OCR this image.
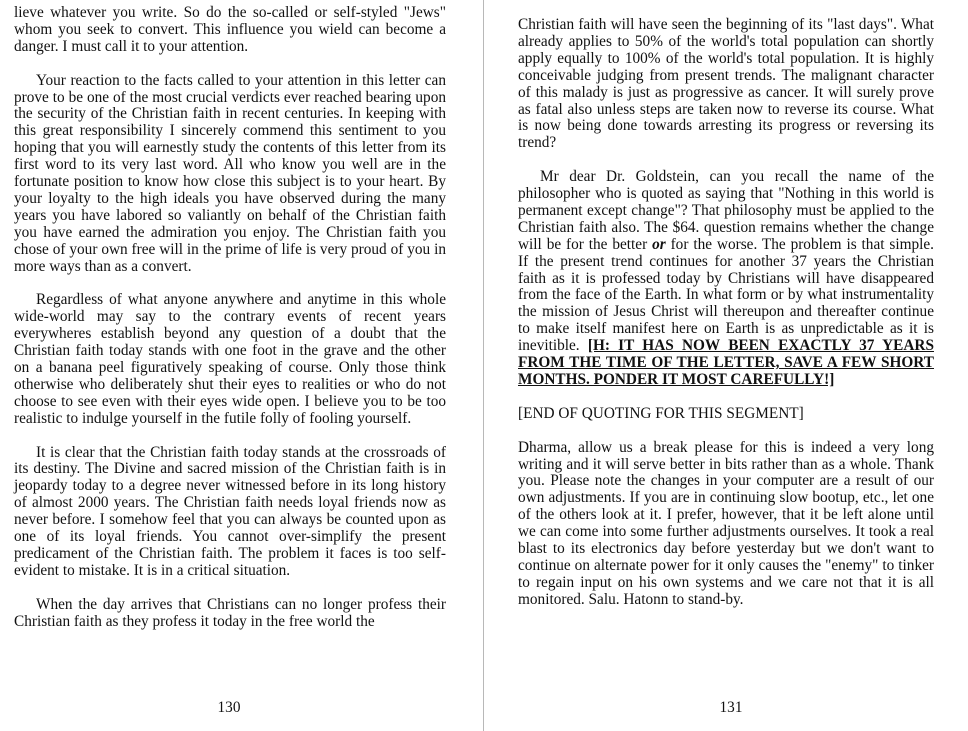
lieve whatever you write. So do the so-called or self-styled "Jews" whom you seek to convert. This influence you wield can become a danger. I must call it to your attention.

Your reaction to the facts called to your attention in this letter can prove to be one of the most crucial verdicts ever reached bearing upon the security of the Christian faith in recent centuries. In keeping with this great responsibility I sincerely commend this sentiment to you hoping that you will earnestly study the contents of this letter from its first word to its very last word. All who know you well are in the fortunate position to know how close this subject is to your heart. By your loyalty to the high ideals you have observed during the many years you have labored so valiantly on behalf of the Christian faith you have earned the admiration you enjoy. The Christian faith you chose of your own free will in the prime of life is very proud of you in more ways than as a convert.

Regardless of what anyone anywhere and anytime in this whole wide-world may say to the contrary events of recent years everywheres establish beyond any question of a doubt that the Christian faith today stands with one foot in the grave and the other on a banana peel figuratively speaking of course. Only those think otherwise who deliberately shut their eyes to realities or who do not choose to see even with their eyes wide open. I believe you to be too realistic to indulge yourself in the futile folly of fooling yourself.

It is clear that the Christian faith today stands at the crossroads of its destiny. The Divine and sacred mission of the Christian faith is in jeopardy today to a degree never witnessed before in its long history of almost 2000 years. The Christian faith needs loyal friends now as never before. I somehow feel that you can always be counted upon as one of its loyal friends. You cannot over-simplify the present predicament of the Christian faith. The problem it faces is too self-evident to mistake. It is in a critical situation.

When the day arrives that Christians can no longer profess their Christian faith as they profess it today in the free world the

130

Christian faith will have seen the beginning of its "last days". What already applies to 50% of the world's total population can shortly apply equally to 100% of the world's total population. It is highly conceivable judging from present trends. The malignant character of this malady is just as progressive as cancer. It will surely prove as fatal also unless steps are taken now to reverse its course. What is now being done towards arresting its progress or reversing its trend?

Mr dear Dr. Goldstein, can you recall the name of the philosopher who is quoted as saying that "Nothing in this world is permanent except change"? That philosophy must be applied to the Christian faith also. The $64. question remains whether the change will be for the better or for the worse. The problem is that simple. If the present trend continues for another 37 years the Christian faith as it is professed today by Christians will have disappeared from the face of the Earth. In what form or by what instrumentality the mission of Jesus Christ will thereupon and thereafter continue to make itself manifest here on Earth is as unpredictable as it is inevitible. [H: IT HAS NOW BEEN EXACTLY 37 YEARS FROM THE TIME OF THE LETTER, SAVE A FEW SHORT MONTHS. PONDER IT MOST CAREFULLY!]

[END OF QUOTING FOR THIS SEGMENT]

Dharma, allow us a break please for this is indeed a very long writing and it will serve better in bits rather than as a whole. Thank you. Please note the changes in your computer are a result of our own adjustments. If you are in continuing slow bootup, etc., let one of the others look at it. I prefer, however, that it be left alone until we can come into some further adjustments ourselves. It took a real blast to its electronics day before yesterday but we don't want to continue on alternate power for it only causes the "enemy" to tinker to regain input on his own systems and we care not that it is all monitored. Salu. Hatonn to stand-by.

131
